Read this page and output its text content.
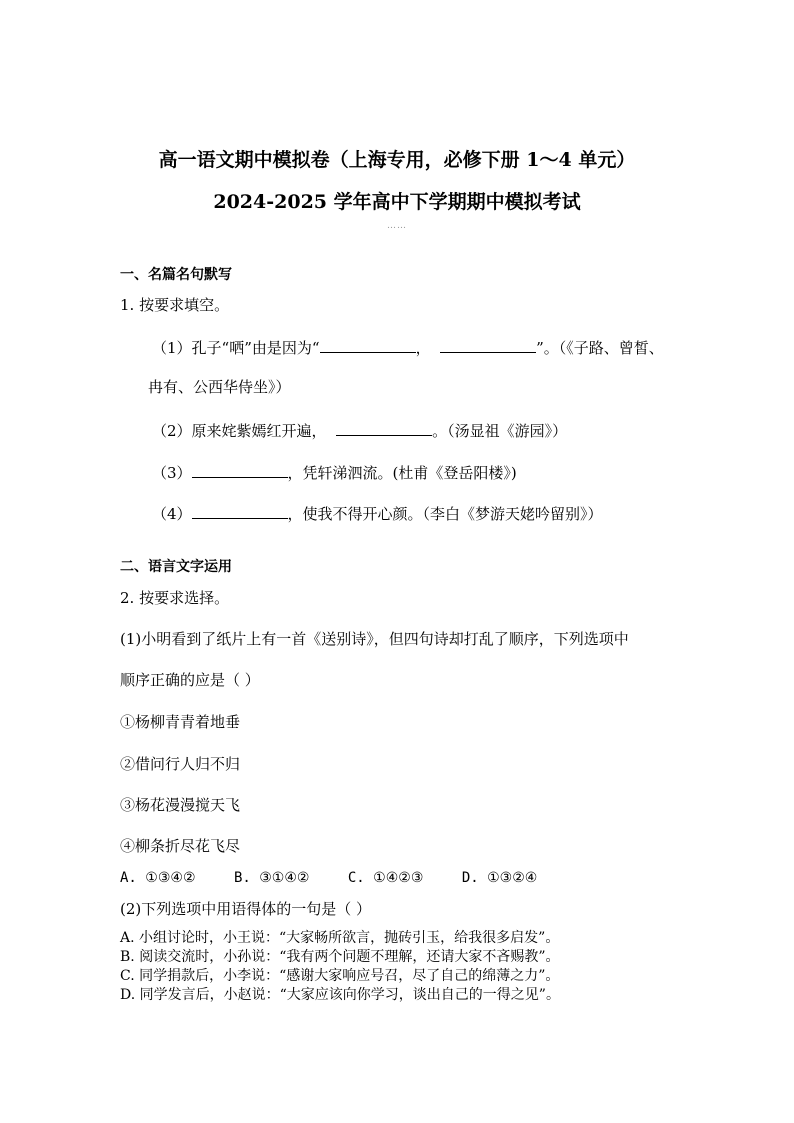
高一语文期中模拟卷（上海专用，必修下册 1～4 单元）
2024-2025 学年高中下学期期中模拟考试
……
一、名篇名句默写
1. 按要求填空。
（1）孔子“哂”由是因为“	，	”。（《子路、曾皙、
冉有、公西华侍坐》）
（2）原来姹紫嫣红开遍，	。（汤显祖《游园》）
（3）	，凭轩涕泗流。(杜甫《登岳阳楼》)
（4）	，使我不得开心颜。（李白《梦游天姥吟留别》）
二、语言文字运用
2. 按要求选择。
(1)小明看到了纸片上有一首《送别诗》，但四句诗却打乱了顺序，下列选项中
顺序正确的应是（ ）
①杨柳青青着地垂
②借问行人归不归
③杨花漫漫搅天飞
④柳条折尽花飞尽
A. ①③④②	B. ③①④②	C. ①④②③	D. ①③②④
(2)下列选项中用语得体的一句是（ ）
A. 小组讨论时，小王说：“大家畅所欲言，抛砖引玉，给我很多启发”。
B. 阅读交流时，小孙说：“我有两个问题不理解，还请大家不吝赐教”。
C. 同学捐款后，小李说：“感谢大家响应号召，尽了自己的绵薄之力”。
D. 同学发言后，小赵说：“大家应该向你学习，谈出自己的一得之见”。
